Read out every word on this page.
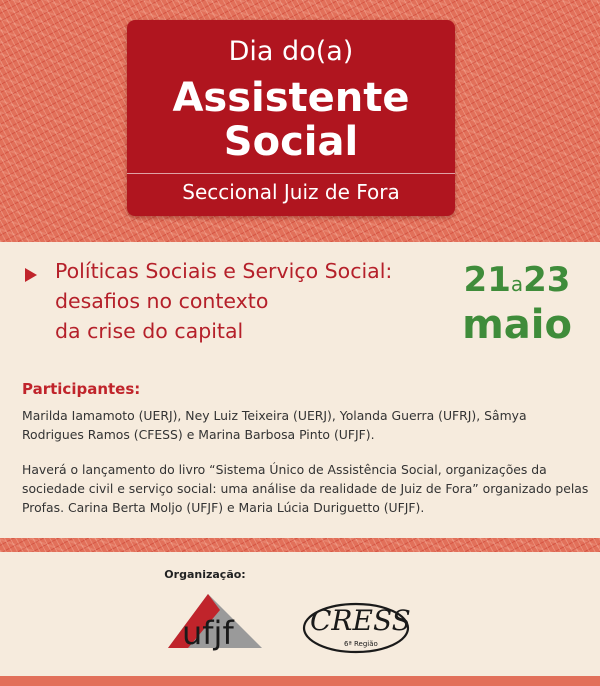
Dia do(a)
Assistente
Social
Seccional Juiz de Fora
Políticas Sociais e Serviço Social:
desafios no contexto
da crise do capital
21a23
maio
Participantes:
Marilda Iamamoto (UERJ), Ney Luiz Teixeira (UERJ), Yolanda Guerra (UFRJ), Sâmya
Rodrigues Ramos (CFESS) e Marina Barbosa Pinto (UFJF).
Haverá o lançamento do livro “Sistema Único de Assistência Social, organizações da
sociedade civil e serviço social: uma análise da realidade de Juiz de Fora” organizado pelas
Profas. Carina Berta Moljo (UFJF) e Maria Lúcia Duriguetto (UFJF).
Organização:
ufjf	CRESS
6ª Região
